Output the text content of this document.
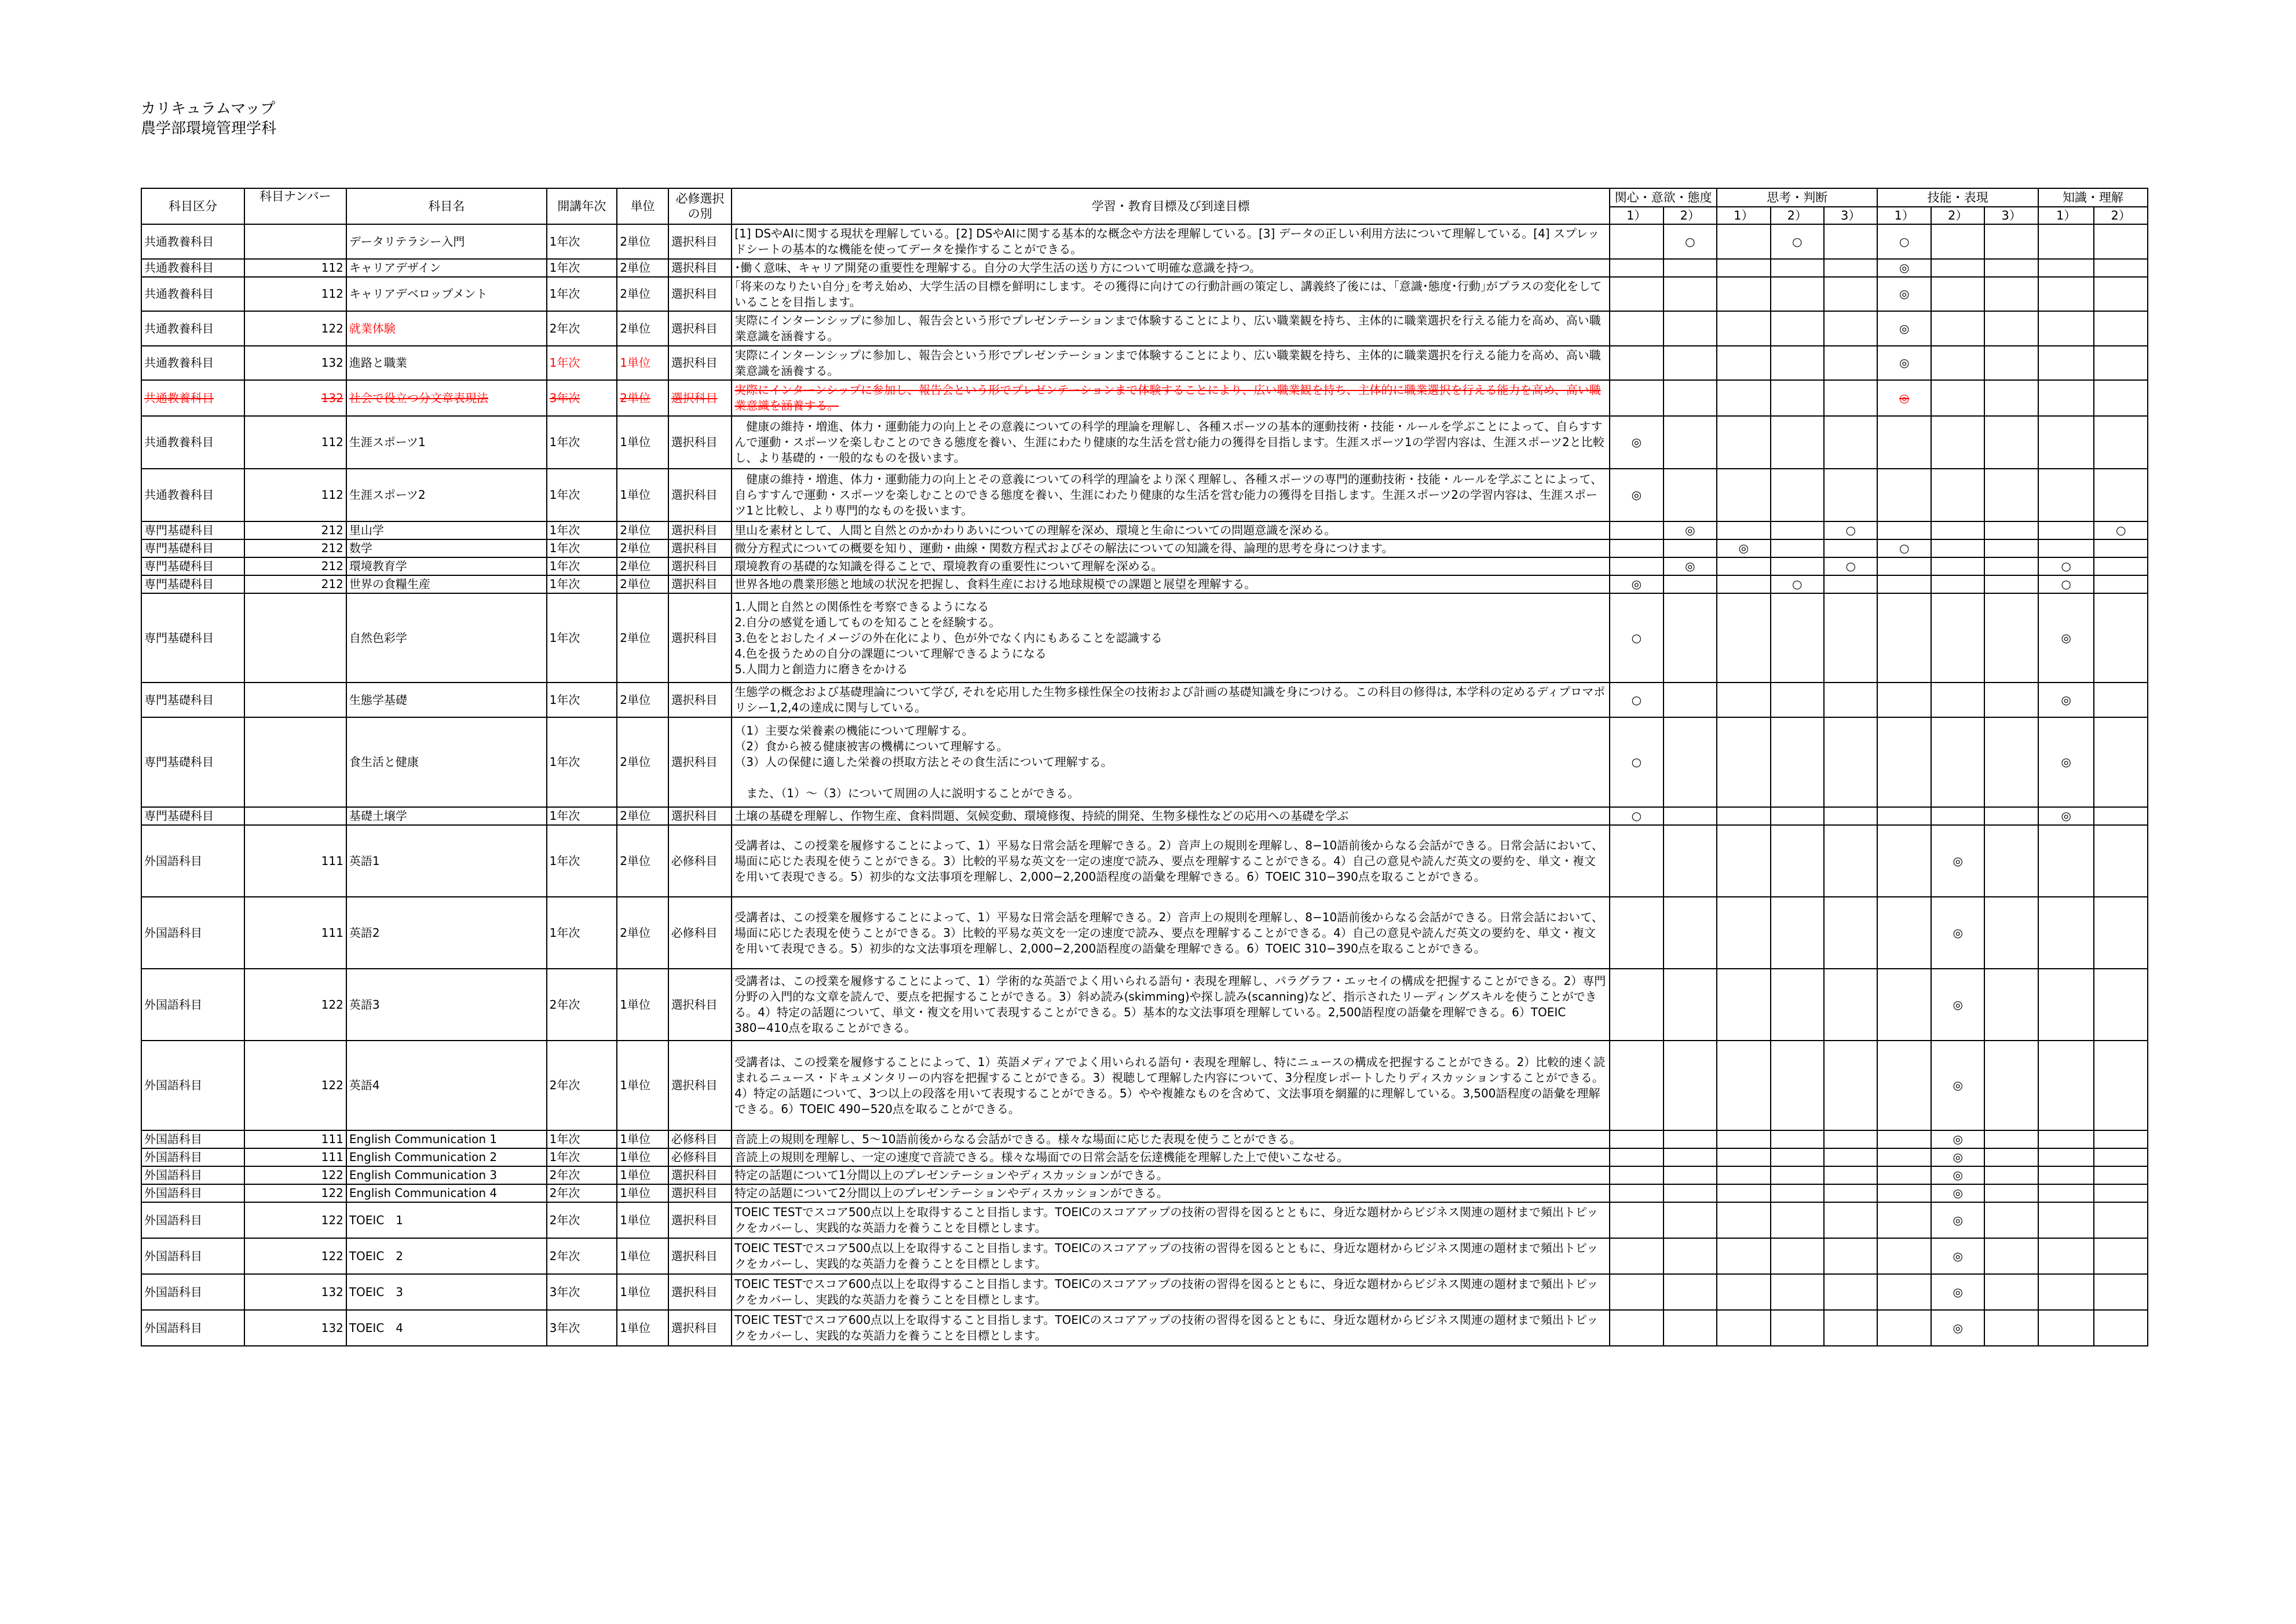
カリキュラムマップ
農学部環境管理学科
科目区分	科目ナンバー	科目名	開講年次	単位	必修選択の別	学習・教育目標及び到達目標	関心・意欲・態度		思考・判断			技能・表現			知識・理解	
							1）	2）	1）	2）	3）	1）	2）	3）	1）	2）
共通教養科目		データリテラシー入門	1年次	2単位	選択科目	[1] DSやAIに関する現状を理解している。[2] DSやAIに関する基本的な概念や方法を理解している。[3] データの正しい利用方法について理解している。[4] スプレッドシートの基本的な機能を使ってデータを操作することができる。		○		○		○				
共通教養科目	112	キャリアデザイン	1年次	2単位	選択科目	･働く意味、キャリア開発の重要性を理解する。自分の大学生活の送り方について明確な意識を持つ。						◎				
共通教養科目	112	キャリアデベロップメント	1年次	2単位	選択科目	｢将来のなりたい自分｣を考え始め、大学生活の目標を鮮明にします。その獲得に向けての行動計画の策定し、講義終了後には、｢意識･態度･行動｣がプラスの変化をしていることを目指します。						◎				
共通教養科目	122	就業体験	2年次	2単位	選択科目	実際にインターンシップに参加し、報告会という形でプレゼンテーションまで体験することにより、広い職業観を持ち、主体的に職業選択を行える能力を高め、高い職業意識を涵養する。						◎				
共通教養科目	132	進路と職業	1年次	1単位	選択科目	実際にインターンシップに参加し、報告会という形でプレゼンテーションまで体験することにより、広い職業観を持ち、主体的に職業選択を行える能力を高め、高い職業意識を涵養する。						◎				
共通教養科目	132	社会で役立つ分文章表現法	3年次	2単位	選択科目	実際にインターンシップに参加し、報告会という形でプレゼンテーションまで体験することにより、広い職業観を持ち、主体的に職業選択を行える能力を高め、高い職業意識を涵養する。						◎				
共通教養科目	112	生涯スポーツ1	1年次	1単位	選択科目	　健康の維持・増進、体力・運動能力の向上とその意義についての科学的理論を理解し、各種スポーツの基本的運動技術・技能・ルールを学ぶことによって、自らすすんで運動・スポーツを楽しむことのできる態度を養い、生涯にわたり健康的な生活を営む能力の獲得を目指します。生涯スポーツ1の学習内容は、生涯スポーツ2と比較し、より基礎的・一般的なものを扱います。	◎									
共通教養科目	112	生涯スポーツ2	1年次	1単位	選択科目	　健康の維持・増進、体力・運動能力の向上とその意義についての科学的理論をより深く理解し、各種スポーツの専門的運動技術・技能・ルールを学ぶことによって、自らすすんで運動・スポーツを楽しむことのできる態度を養い、生涯にわたり健康的な生活を営む能力の獲得を目指します。生涯スポーツ2の学習内容は、生涯スポーツ1と比較し、より専門的なものを扱います。	◎									
専門基礎科目	212	里山学	1年次	2単位	選択科目	里山を素材として、人間と自然とのかかわりあいについての理解を深め、環境と生命についての問題意識を深める。		◎			○					○
専門基礎科目	212	数学	1年次	2単位	選択科目	微分方程式についての概要を知り、運動・曲線・関数方程式およびその解法についての知識を得、論理的思考を身につけます。			◎			○				
専門基礎科目	212	環境教育学	1年次	2単位	選択科目	環境教育の基礎的な知識を得ることで、環境教育の重要性について理解を深める。		◎			○				○	
専門基礎科目	212	世界の食糧生産	1年次	2単位	選択科目	世界各地の農業形態と地域の状況を把握し、食料生産における地球規模での課題と展望を理解する。	◎			○					○	
専門基礎科目		自然色彩学	1年次	2単位	選択科目	1.人間と自然との関係性を考察できるようになる
2.自分の感覚を通してものを知ることを経験する。
3.色をとおしたイメージの外在化により、色が外でなく内にもあることを認識する
4.色を扱うための自分の課題について理解できるようになる
5.人間力と創造力に磨きをかける	○								◎	
専門基礎科目		生態学基礎	1年次	2単位	選択科目	生態学の概念および基礎理論について学び, それを応用した生物多様性保全の技術および計画の基礎知識を身につける。この科目の修得は, 本学科の定めるディプロマポリシー1,2,4の達成に関与している。	○								◎	
専門基礎科目		食生活と健康	1年次	2単位	選択科目	（1）主要な栄養素の機能について理解する。
（2）食から被る健康被害の機構について理解する。
（3）人の保健に適した栄養の摂取方法とその食生活について理解する。

　また、（1）～（3）について周囲の人に説明することができる。	○								◎	
専門基礎科目		基礎土壌学	1年次	2単位	選択科目	土壌の基礎を理解し、作物生産、食料問題、気候変動、環境修復、持続的開発、生物多様性などの応用への基礎を学ぶ	○								◎	
外国語科目	111	英語1	1年次	2単位	必修科目	受講者は、この授業を履修することによって、1）平易な日常会話を理解できる。2）音声上の規則を理解し、8−10語前後からなる会話ができる。日常会話において、場面に応じた表現を使うことができる。3）比較的平易な英文を一定の速度で読み、要点を理解することができる。4）自己の意見や読んだ英文の要約を、単文・複文を用いて表現できる。5）初歩的な文法事項を理解し、2,000−2,200語程度の語彙を理解できる。6）TOEIC 310−390点を取ることができる。							◎			
外国語科目	111	英語2	1年次	2単位	必修科目	受講者は、この授業を履修することによって、1）平易な日常会話を理解できる。2）音声上の規則を理解し、8−10語前後からなる会話ができる。日常会話において、場面に応じた表現を使うことができる。3）比較的平易な英文を一定の速度で読み、要点を理解することができる。4）自己の意見や読んだ英文の要約を、単文・複文を用いて表現できる。5）初歩的な文法事項を理解し、2,000−2,200語程度の語彙を理解できる。6）TOEIC 310−390点を取ることができる。							◎			
外国語科目	122	英語3	2年次	1単位	選択科目	受講者は、この授業を履修することによって、1）学術的な英語でよく用いられる語句・表現を理解し、パラグラフ・エッセイの構成を把握することができる。2）専門分野の入門的な文章を読んで、要点を把握することができる。3）斜め読み(skimming)や探し読み(scanning)など、指示されたリーディングスキルを使うことができる。4）特定の話題について、単文・複文を用いて表現することができる。5）基本的な文法事項を理解している。2,500語程度の語彙を理解できる。6）TOEIC 380−410点を取ることができる。							◎			
外国語科目	122	英語4	2年次	1単位	選択科目	受講者は、この授業を履修することによって、1）英語メディアでよく用いられる語句・表現を理解し、特にニュースの構成を把握することができる。2）比較的速く読まれるニュース・ドキュメンタリーの内容を把握することができる。3）視聴して理解した内容について、3分程度レポートしたりディスカッションすることができる。4）特定の話題について、3つ以上の段落を用いて表現することができる。5）やや複雑なものを含めて、文法事項を網羅的に理解している。3,500語程度の語彙を理解できる。6）TOEIC 490−520点を取ることができる。							◎			
外国語科目	111	English Communication 1	1年次	1単位	必修科目	音読上の規則を理解し、5～10語前後からなる会話ができる。様々な場面に応じた表現を使うことができる。							◎			
外国語科目	111	English Communication 2	1年次	1単位	必修科目	音読上の規則を理解し、一定の速度で音読できる。様々な場面での日常会話を伝達機能を理解した上で使いこなせる。							◎			
外国語科目	122	English Communication 3	2年次	1単位	選択科目	特定の話題について1分間以上のプレゼンテーションやディスカッションができる。							◎			
外国語科目	122	English Communication 4	2年次	1単位	選択科目	特定の話題について2分間以上のプレゼンテーションやディスカッションができる。							◎			
外国語科目	122	TOEIC　1	2年次	1単位	選択科目	TOEIC TESTでスコア500点以上を取得すること目指します。TOEICのスコアアップの技術の習得を図るとともに、身近な題材からビジネス関連の題材まで頻出トピックをカバーし、実践的な英語力を養うことを目標とします。							◎			
外国語科目	122	TOEIC　2	2年次	1単位	選択科目	TOEIC TESTでスコア500点以上を取得すること目指します。TOEICのスコアアップの技術の習得を図るとともに、身近な題材からビジネス関連の題材まで頻出トピックをカバーし、実践的な英語力を養うことを目標とします。							◎			
外国語科目	132	TOEIC　3	3年次	1単位	選択科目	TOEIC TESTでスコア600点以上を取得すること目指します。TOEICのスコアアップの技術の習得を図るとともに、身近な題材からビジネス関連の題材まで頻出トピックをカバーし、実践的な英語力を養うことを目標とします。							◎			
外国語科目	132	TOEIC　4	3年次	1単位	選択科目	TOEIC TESTでスコア600点以上を取得すること目指します。TOEICのスコアアップの技術の習得を図るとともに、身近な題材からビジネス関連の題材まで頻出トピックをカバーし、実践的な英語力を養うことを目標とします。							◎			
